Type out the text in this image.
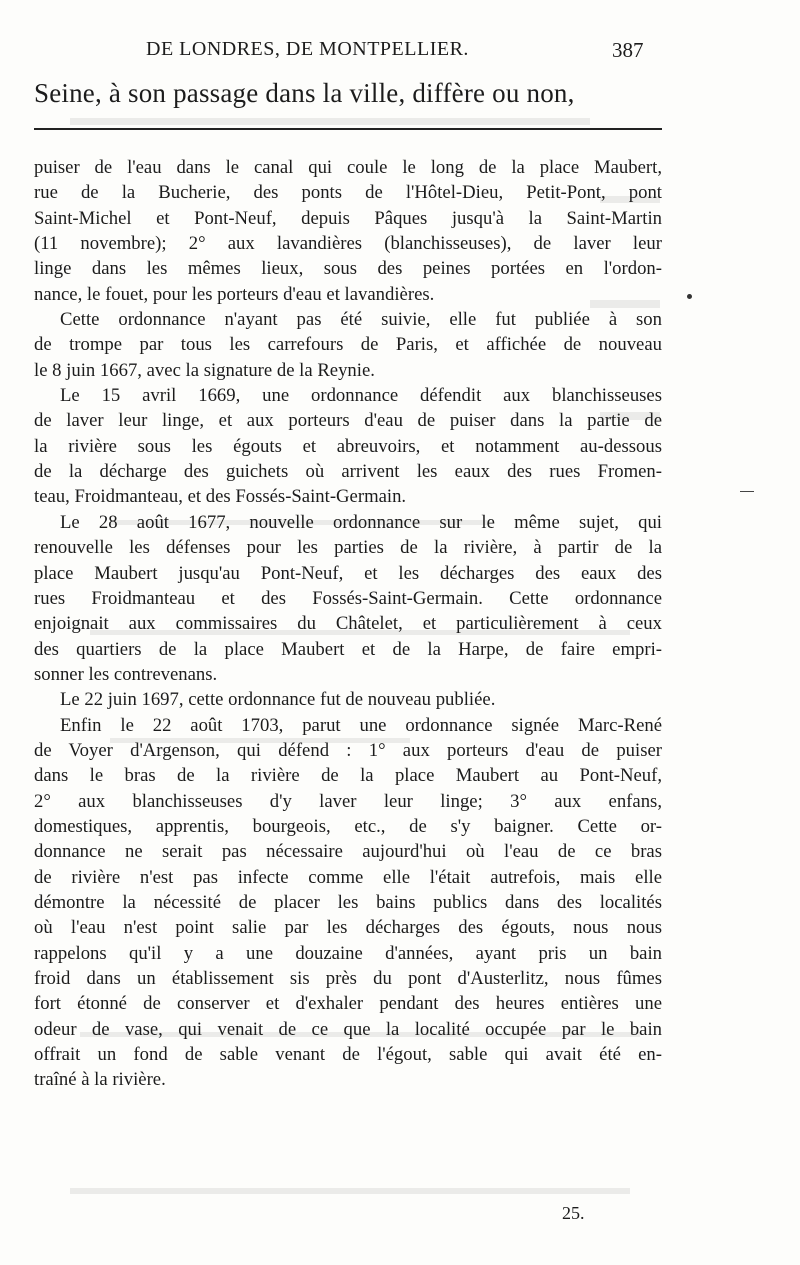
DE LONDRES, DE MONTPELLIER.	387
Seine, à son passage dans la ville, diffère ou non,
puiser de l'eau dans le canal qui coule le long de la place Maubert,
rue de la Bucherie, des ponts de l'Hôtel-Dieu, Petit-Pont, pont
Saint-Michel et Pont-Neuf, depuis Pâques jusqu'à la Saint-Martin
(11 novembre); 2° aux lavandières (blanchisseuses), de laver leur
linge dans les mêmes lieux, sous des peines portées en l'ordon-
nance, le fouet, pour les porteurs d'eau et lavandières.
Cette ordonnance n'ayant pas été suivie, elle fut publiée à son
de trompe par tous les carrefours de Paris, et affichée de nouveau
le 8 juin 1667, avec la signature de la Reynie.
Le 15 avril 1669, une ordonnance défendit aux blanchisseuses
de laver leur linge, et aux porteurs d'eau de puiser dans la partie de
la rivière sous les égouts et abreuvoirs, et notamment au-dessous
de la décharge des guichets où arrivent les eaux des rues Fromen-
teau, Froidmanteau, et des Fossés-Saint-Germain.
Le 28 août 1677, nouvelle ordonnance sur le même sujet, qui
renouvelle les défenses pour les parties de la rivière, à partir de la
place Maubert jusqu'au Pont-Neuf, et les décharges des eaux des
rues Froidmanteau et des Fossés-Saint-Germain. Cette ordonnance
enjoignait aux commissaires du Châtelet, et particulièrement à ceux
des quartiers de la place Maubert et de la Harpe, de faire empri-
sonner les contrevenans.
Le 22 juin 1697, cette ordonnance fut de nouveau publiée.
Enfin le 22 août 1703, parut une ordonnance signée Marc-René
de Voyer d'Argenson, qui défend : 1° aux porteurs d'eau de puiser
dans le bras de la rivière de la place Maubert au Pont-Neuf,
2° aux blanchisseuses d'y laver leur linge; 3° aux enfans,
domestiques, apprentis, bourgeois, etc., de s'y baigner. Cette or-
donnance ne serait pas nécessaire aujourd'hui où l'eau de ce bras
de rivière n'est pas infecte comme elle l'était autrefois, mais elle
démontre la nécessité de placer les bains publics dans des localités
où l'eau n'est point salie par les décharges des égouts, nous nous
rappelons qu'il y a une douzaine d'années, ayant pris un bain
froid dans un établissement sis près du pont d'Austerlitz, nous fûmes
fort étonné de conserver et d'exhaler pendant des heures entières une
odeur de vase, qui venait de ce que la localité occupée par le bain
offrait un fond de sable venant de l'égout, sable qui avait été en-
traîné à la rivière.
25.
